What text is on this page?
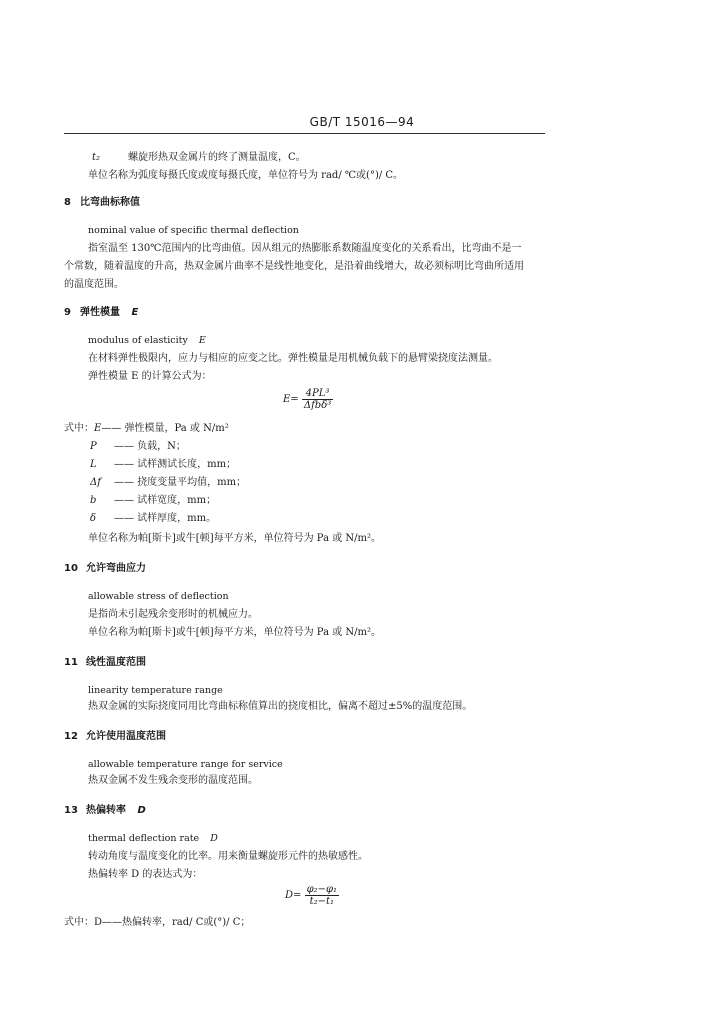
GB/T 15016—94
t₂	螺旋形热双金属片的终了测量温度，C。
单位名称为弧度每摄氏度或度每摄氏度，单位符号为 rad/ ℃或(°)/ C。
8 比弯曲标称值
nominal value of specific thermal deflection
指室温至 130℃范围内的比弯曲值。因从组元的热膨胀系数随温度变化的关系看出，比弯曲不是一
个常数，随着温度的升高，热双金属片曲率不是线性地变化，是沿着曲线增大，故必须标明比弯曲所适用
的温度范围。
9 弹性模量 E
modulus of elasticity E
在材料弹性极限内，应力与相应的应变之比。弹性模量是用机械负载下的悬臂梁挠度法测量。
弹性模量 E 的计算公式为：
$E= \frac{\text{4PL³}}{\text{Δfbδ³}}$
式中：E—— 弹性模量，Pa 或 N/m²
P —— 负载，N；
L —— 试样测试长度，mm；
Δf —— 挠度变量平均值，mm；
b —— 试样宽度，mm；
δ —— 试样厚度，mm。
单位名称为帕[斯卡]或牛[顿]每平方米，单位符号为 Pa 或 N/m²。
10 允许弯曲应力
allowable stress of deflection
是指尚未引起残余变形时的机械应力。
单位名称为帕[斯卡]或牛[顿]每平方米，单位符号为 Pa 或 N/m²。
11 线性温度范围
linearity temperature range
热双金属的实际挠度同用比弯曲标称值算出的挠度相比，偏离不超过±5%的温度范围。
12 允许使用温度范围
allowable temperature range for service
热双金属不发生残余变形的温度范围。
13 热偏转率 D
thermal deflection rate D
转动角度与温度变化的比率。用来衡量螺旋形元件的热敏感性。
热偏转率 D 的表达式为：
$D= \frac{\text{φ₂−φ₁}}{\text{t₂−t₁}}$
式中：D——热偏转率，rad/ C或(°)/ C；
